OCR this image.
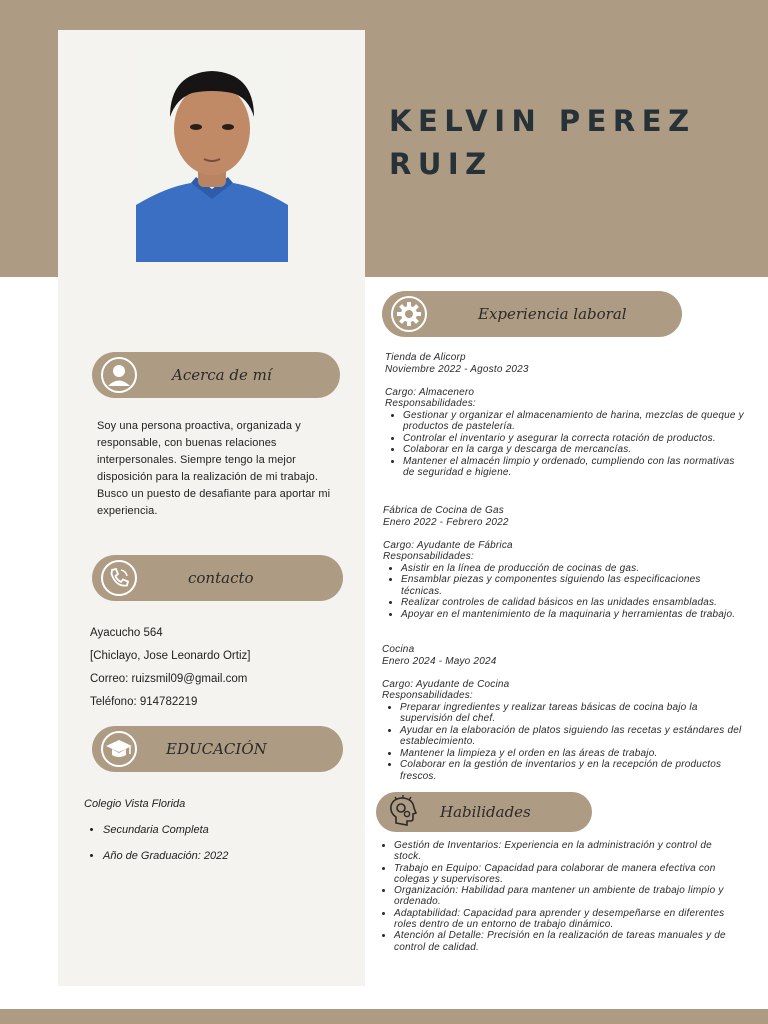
KELVIN PEREZ
RUIZ
Acerca de mí
Soy una persona proactiva, organizada y responsable, con buenas relaciones interpersonales. Siempre tengo la mejor disposición para la realización de mi trabajo. Busco un puesto de desafiante para aportar mi experiencia.
contacto
Ayacucho 564
[Chiclayo, Jose Leonardo Ortiz]
Correo: ruizsmil09@gmail.com
Teléfono: 914782219
EDUCACIÓN
Colegio Vista Florida
• Secundaria Completa
• Año de Graduación: 2022
Experiencia laboral
Tienda de Alicorp
Noviembre 2022 - Agosto 2023
Cargo: Almacenero
Responsabilidades:
• Gestionar y organizar el almacenamiento de harina, mezclas de queque y productos de pastelería.
• Controlar el inventario y asegurar la correcta rotación de productos.
• Colaborar en la carga y descarga de mercancías.
• Mantener el almacén limpio y ordenado, cumpliendo con las normativas de seguridad e higiene.
Fábrica de Cocina de Gas
Enero 2022 - Febrero 2022
Cargo: Ayudante de Fábrica
Responsabilidades:
• Asistir en la línea de producción de cocinas de gas.
• Ensamblar piezas y componentes siguiendo las especificaciones técnicas.
• Realizar controles de calidad básicos en las unidades ensambladas.
• Apoyar en el mantenimiento de la maquinaria y herramientas de trabajo.
Cocina
Enero 2024 - Mayo 2024
Cargo: Ayudante de Cocina
Responsabilidades:
• Preparar ingredientes y realizar tareas básicas de cocina bajo la supervisión del chef.
• Ayudar en la elaboración de platos siguiendo las recetas y estándares del establecimiento.
• Mantener la limpieza y el orden en las áreas de trabajo.
• Colaborar en la gestión de inventarios y en la recepción de productos frescos.
Habilidades
• Gestión de Inventarios: Experiencia en la administración y control de stock.
• Trabajo en Equipo: Capacidad para colaborar de manera efectiva con colegas y supervisores.
• Organización: Habilidad para mantener un ambiente de trabajo limpio y ordenado.
• Adaptabilidad: Capacidad para aprender y desempeñarse en diferentes roles dentro de un entorno de trabajo dinámico.
• Atención al Detalle: Precisión en la realización de tareas manuales y de control de calidad.
